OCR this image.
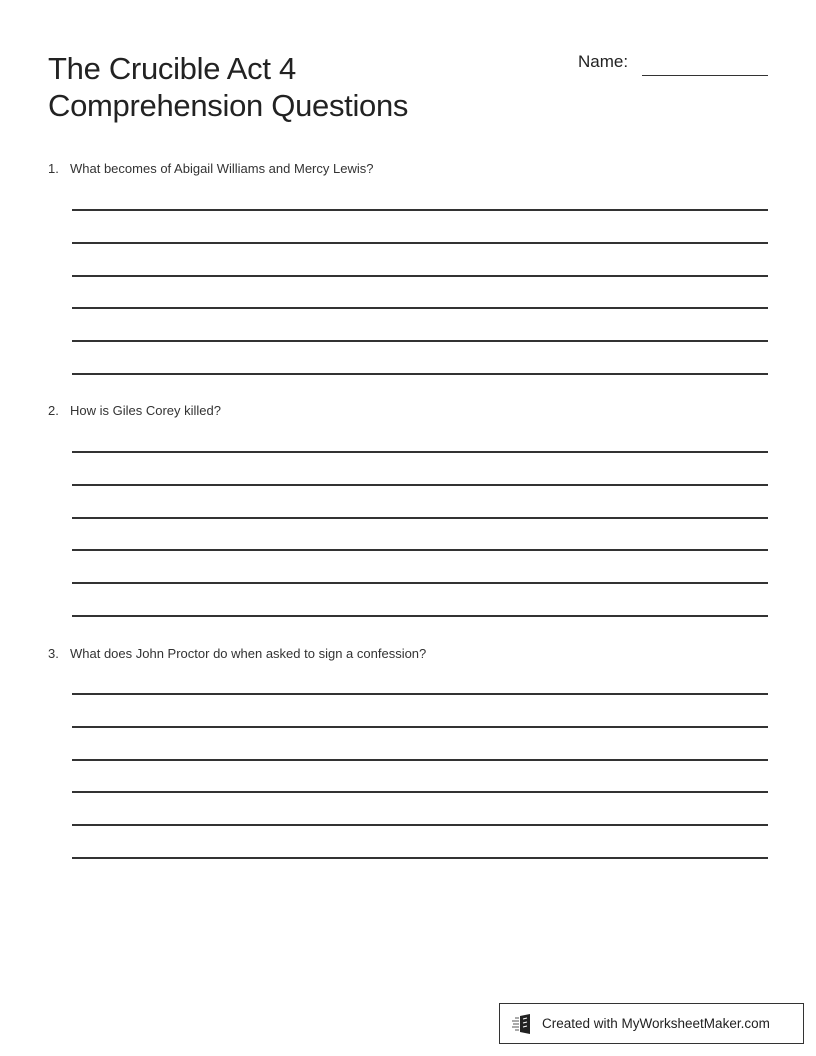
The Crucible Act 4
Comprehension Questions
Name:
1. What becomes of Abigail Williams and Mercy Lewis?
2. How is Giles Corey killed?
3. What does John Proctor do when asked to sign a confession?
Created with MyWorksheetMaker.com
